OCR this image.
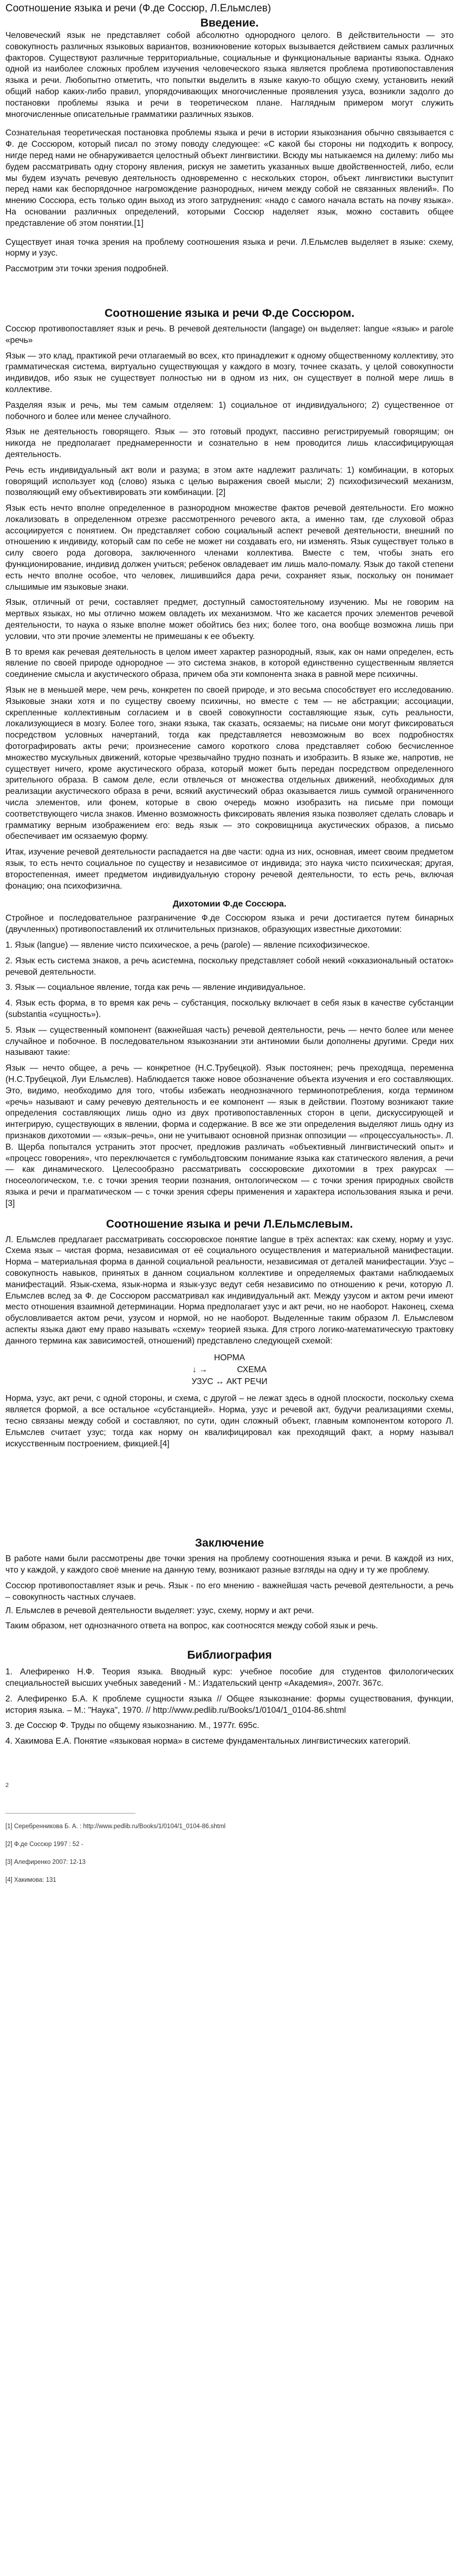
Соотношение языка и речи (Ф.де Соссюр, Л.Ельмслев)
Введение.

Человеческий язык не представляет собой абсолютно однородного целого. В действительности — это совокупность различных языковых вариантов, возникновение которых вызывается действием самых различных факторов. Существуют различные территориальные, социальные и функциональные варианты языка. Однако одной из наиболее сложных проблем изучения человеческого языка является проблема противопоставления языка и речи. Любопытно отметить, что попытки выделить в языке какую-то общую схему, установить некий общий набор каких-либо правил, упорядочивающих многочисленные проявления узуса, возникли задолго до постановки проблемы языка и речи в теоретическом плане. Наглядным примером могут служить многочисленные описательные грамматики различных языков.

Сознательная теоретическая постановка проблемы языка и речи в истории языкознания обычно связывается с Ф. де Соссюром, который писал по этому поводу следующее: «С какой бы стороны ни подходить к вопросу, нигде перед нами не обнаруживается целостный объект лингвистики. Всюду мы натыкаемся на дилему: либо мы будем рассматривать одну сторону явления, рискуя не заметить указанных выше двойственностей, либо, если мы будем изучать речевую деятельность одновременно с нескольких сторон, объект лингвистики выступит перед нами как беспорядочное нагромождение разнородных, ничем между собой не связанных явлений». По мнению Соссюра, есть только один выход из этого затруднения: «надо с самого начала встать на почву языка». На основании различных определений, которыми Соссюр наделяет язык, можно составить общее представление об этом понятии.[1]

Существует иная точка зрения на проблему соотношения языка и речи. Л.Ельмслев выделяет в языке: схему, норму и узус.

Рассмотрим эти точки зрения подробней.

Соотношение языка и речи Ф.де Соссюром.

Соссюр противопоставляет язык и речь. В речевой деятельности (langage) он выделяет: langue «язык» и parole «речь»

Язык — это клад, практикой речи отлагаемый во всех, кто принадлежит к одному общественному коллективу, это грамматическая система, виртуально существующая у каждого в мозгу, точнее сказать, у целой совокупности индивидов, ибо язык не существует полностью ни в одном из них, он существует в полной мере лишь в коллективе.

Разделяя язык и речь, мы тем самым отделяем: 1) социальное от индивидуального; 2) существенное от побочного и более или менее случайного.

Язык не деятельность говорящего. Язык — это готовый продукт, пассивно регистрируемый говорящим; он никогда не предполагает преднамеренности и сознательно в нем проводится лишь классифицирующая деятельность.

Речь есть индивидуальный акт воли и разума; в этом акте надлежит различать: 1) комбинации, в которых говорящий использует код (слово) языка с целью выражения своей мысли; 2) психофизический механизм, позволяющий ему объективировать эти комбинации. [2]

Язык есть нечто вполне определенное в разнородном множестве фактов речевой деятельности. Его можно локализовать в определенном отрезке рассмотренного речевого акта, а именно там, где слуховой образ ассоциируется с понятием. Он представляет собою социальный аспект речевой деятельности, внешний по отношению к индивиду, который сам по себе не может ни создавать его, ни изменять. Язык существует только в силу своего рода договора, заключенного членами коллектива. Вместе с тем, чтобы знать его функционирование, индивид должен учиться; ребенок овладевает им лишь мало-помалу. Язык до такой степени есть нечто вполне особое, что человек, лишившийся дара речи, сохраняет язык, поскольку он понимает слышимые им языковые знаки.

Язык, отличный от речи, составляет предмет, доступный самостоятельному изучению. Мы не говорим на мертвых языках, но мы отлично можем овладеть их механизмом. Что же касается прочих элементов речевой деятельности, то наука о языке вполне может обойтись без них; более того, она вообще возможна лишь при условии, что эти прочие элементы не примешаны к ее объекту.

В то время как речевая деятельность в целом имеет характер разнородный, язык, как он нами определен, есть явление по своей природе однородное — это система знаков, в которой единственно существенным является соединение смысла и акустического образа, причем оба эти компонента знака в равной мере психичны.

Язык не в меньшей мере, чем речь, конкретен по своей природе, и это весьма способствует его исследованию. Языковые знаки хотя и по существу своему психичны, но вместе с тем — не абстракции; ассоциации, скрепленные коллективным согласием и в своей совокупности составляющие язык, суть реальности, локализующиеся в мозгу. Более того, знаки языка, так сказать, осязаемы; на письме они могут фиксироваться посредством условных начертаний, тогда как представляется невозможным во всех подробностях фотографировать акты речи; произнесение самого короткого слова представляет собою бесчисленное множество мускульных движений, которые чрезвычайно трудно познать и изобразить. В языке же, напротив, не существует ничего, кроме акустического образа, который может быть передан посредством определенного зрительного образа. В самом деле, если отвлечься от множества отдельных движений, необходимых для реализации акустического образа в речи, всякий акустический образ оказывается лишь суммой ограниченного числа элементов, или фонем, которые в свою очередь можно изобразить на письме при помощи соответствующего числа знаков. Именно возможность фиксировать явления языка позволяет сделать словарь и грамматику верным изображением его: ведь язык — это сокровищница акустических образов, а письмо обеспечивает им осязаемую форму.

Итак, изучение речевой деятельности распадается на две части: одна из них, основная, имеет своим предметом язык, то есть нечто социальное по существу и независимое от индивида; это наука чисто психическая; другая, второстепенная, имеет предметом индивидуальную сторону речевой деятельности, то есть речь, включая фонацию; она психофизична.

Дихотомии Ф.де Соссюра.

Стройное и последовательное разграничение Ф.де Соссюром языка и речи достигается путем бинарных (двучленных) противопоставлений их отличительных признаков, образующих известные дихотомии:

1. Язык (langue) — явление чисто психическое, а речь (parole) — явление психофизическое.

2. Язык есть система знаков, а речь асистемна, поскольку представляет собой некий «окказиональный остаток» речевой деятельности.

3. Язык — социальное явление, тогда как речь — явление индивидуальное.

4. Язык есть форма, в то время как речь – субстанция, поскольку включает в себя язык в качестве субстанции (substantia «сущность»).

5. Язык — существенный компонент (важнейшая часть) речевой деятельности, речь — нечто более или менее случайное и побочное. В последовательном языкознании эти антиномии были дополнены другими. Среди них называют такие:

Язык — нечто общее, а речь — конкретное (Н.С.Трубецкой). Язык постоянен; речь преходяща, переменна (Н.С.Трубецкой, Луи Ельмслев). Наблюдается также новое обозначение объекта изучения и его составляющих. Это, видимо, необходимо для того, чтобы избежать неоднозначного терминопотребления, когда термином «речь» называют и саму речевую деятельность и ее компонент — язык в действии. Поэтому возникают такие определения составляющих лишь одно из двух противопоставленных сторон в цепи, дискуссирующей и интегрирую, существующих в явлении, форма и содержание. В все же эти определения выделяют лишь одну из признаков дихотомии — «язык–речь», они не учитывают основной признак оппозиции — «процессуальность». Л. В. Щерба попытался устранить этот просчет, предложив различать «объективный лингвистический опыт» и «процесс говорения», что переключается с гумбольдтовским понимание языка как статического явления, а речи — как динамического. Целесообразно рассматривать соссюровские дихотомии в трех ракурсах — гносеологическом, т.е. с точки зрения теории познания, онтологическом — с точки зрения природных свойств языка и речи и прагматическом — с точки зрения сферы применения и характера использования языка и речи.[3]

Соотношение языка и речи Л.Ельмслевым.

Л. Ельмслев предлагает рассматривать соссюровское понятие langue в трёх аспектах: как схему, норму и узус. Схема язык – чистая форма, независимая от её социального осуществления и материальной манифестации. Норма – материальная форма в данной социальной реальности, независимая от деталей манифестации. Узус – совокупность навыков, принятых в данном социальном коллективе и определяемых фактами наблюдаемых манифестаций. Язык-схема, язык-норма и язык-узус ведут себя независимо по отношению к речи, которую Л. Ельмслев вслед за Ф. де Соссюром рассматривал как индивидуальный акт. Между узусом и актом речи имеют место отношения взаимной детерминации. Норма предполагает узус и акт речи, но не наоборот. Наконец, схема обусловливается актом речи, узусом и нормой, но не наоборот. Выделенные таким образом Л. Ельмслевом аспекты языка дают ему право называть «схему» теорией языка. Для строго логико-математическую трактовку данного термина как зависимостей, отношений) представлено следующей схемой:

НОРМА
↓ →	СХЕМА
УЗУС ↔ АКТ РЕЧИ

Норма, узус, акт речи, с одной стороны, и схема, с другой – не лежат здесь в одной плоскости, поскольку схема является формой, а все остальное «субстанцией». Норма, узус и речевой акт, будучи реализациями схемы, тесно связаны между собой и составляют, по сути, один сложный объект, главным компонентом которого Л. Ельмслев считает узус; тогда как норму он квалифицировал как преходящий факт, а норму называл искусственным построением, фикцией.[4]

Заключение

В работе нами были рассмотрены две точки зрения на проблему соотношения языка и речи. В каждой из них, что у каждой, у каждого своё мнение на данную тему, возникают разные взгляды на одну и ту же проблему.

Соссюр противопоставляет язык и речь. Язык - по его мнению - важнейшая часть речевой деятельности, а речь – совокупность частных случаев.

Л. Ельмслев в речевой деятельности выделяет: узус, схему, норму и акт речи.

Таким образом, нет однозначного ответа на вопрос, как соотносятся между собой язык и речь.

Библиография

1. Алефиренко Н.Ф. Теория языка. Вводный курс: учебное пособие для студентов филологических специальностей высших учебных заведений - М.: Издательский центр «Академия», 2007г. 367с.

2. Алефиренко Б.А. К проблеме сущности языка // Общее языкознание: формы существования, функции, история языка. – М.: "Наука", 1970. // http://www.pedlib.ru/Books/1/0104/1_0104-86.shtml

3. де Соссюр Ф. Труды по общему языкознанию. М., 1977г. 695с.

4. Хакимова Е.А. Понятие «языковая норма» в системе фундаментальных лингвистических категорий.

2

[1] Серебренникова Б. А. : http://www.pedlib.ru/Books/1/0104/1_0104-86.shtml

[2] Ф.де Соссюр 1997 : 52 -

[3] Алефиренко 2007: 12-13

[4] Хакимова: 131
